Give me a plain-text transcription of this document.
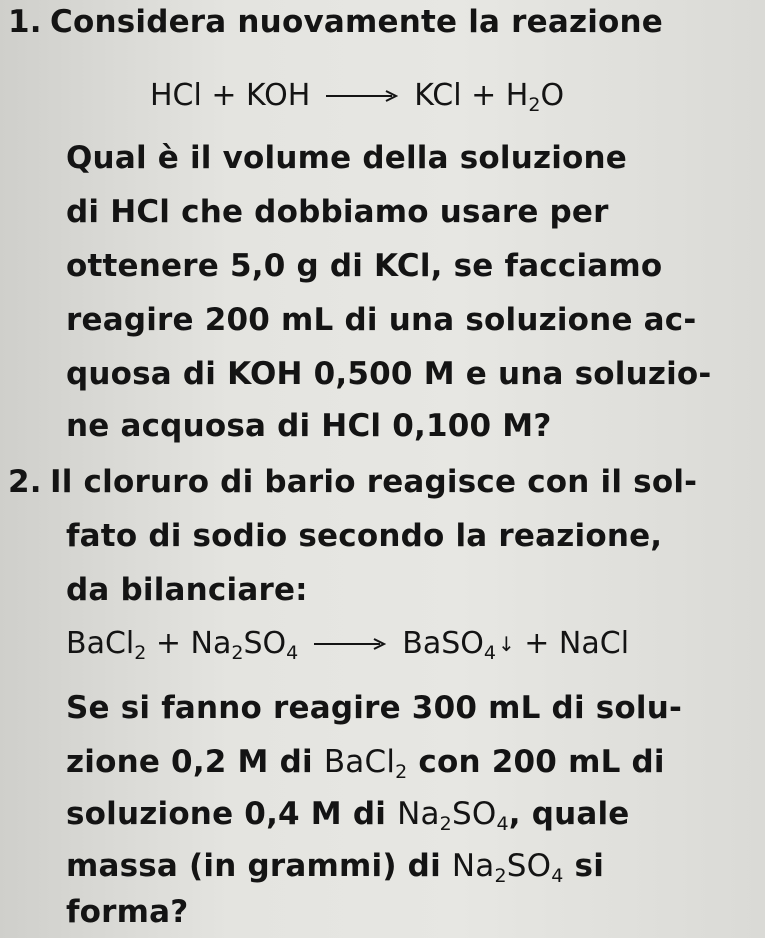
1. Considera nuovamente la reazione
HCl + KOH → KCl + $H_2O$
Qual è il volume della soluzione
di HCl che dobbiamo usare per
ottenere 5,0 g di KCl, se facciamo
reagire 200 mL di una soluzione ac-
quosa di KOH 0,500 M e una soluzio-
ne acquosa di HCl 0,100 M?
2. Il cloruro di bario reagisce con il sol-
fato di sodio secondo la reazione,
da bilanciare:
BaCl$_2$ + $Na_2SO_4$ → BaSO$_4$ ↓ + NaCl
Se si fanno reagire 300 mL di solu-
zione 0,2 M di BaCl$_2$ con 200 mL di
soluzione 0,4 M di $Na_2SO_4$, quale
massa (in grammi) di $Na_2SO_4$ si
forma?
